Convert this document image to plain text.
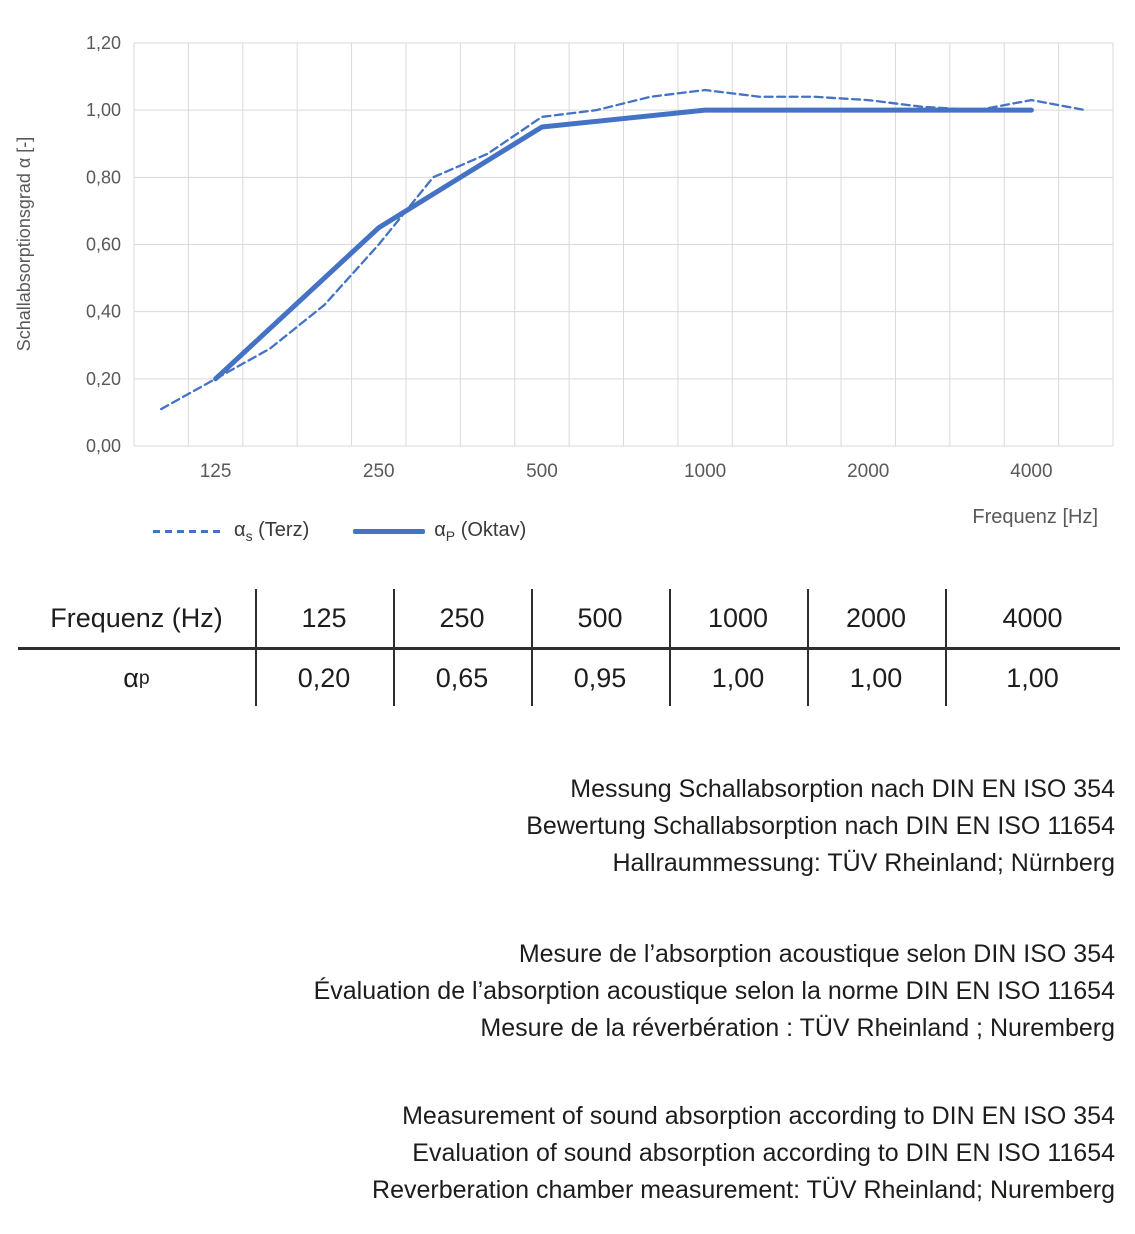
0,00
0,20
0,40
0,60
0,80
1,00
1,20
125	250	500	1000	2000	4000
Schallabsorptionsgrad α [-]
$\alpha_s$ (Terz)	$\alpha_P$ (Oktav)
Frequenz [Hz]
Frequenz (Hz)	125	250	500	1000	2000	4000
α p	0,20	0,65	0,95	1,00	1,00	1,00
Messung Schallabsorption nach DIN EN ISO 354
Bewertung Schallabsorption nach DIN EN ISO 11654
Hallraummessung: TÜV Rheinland; Nürnberg
Mesure de l’absorption acoustique selon DIN ISO 354
Évaluation de l’absorption acoustique selon la norme DIN EN ISO 11654
Mesure de la réverbération : TÜV Rheinland ; Nuremberg
Measurement of sound absorption according to DIN EN ISO 354
Evaluation of sound absorption according to DIN EN ISO 11654
Reverberation chamber measurement: TÜV Rheinland; Nuremberg
